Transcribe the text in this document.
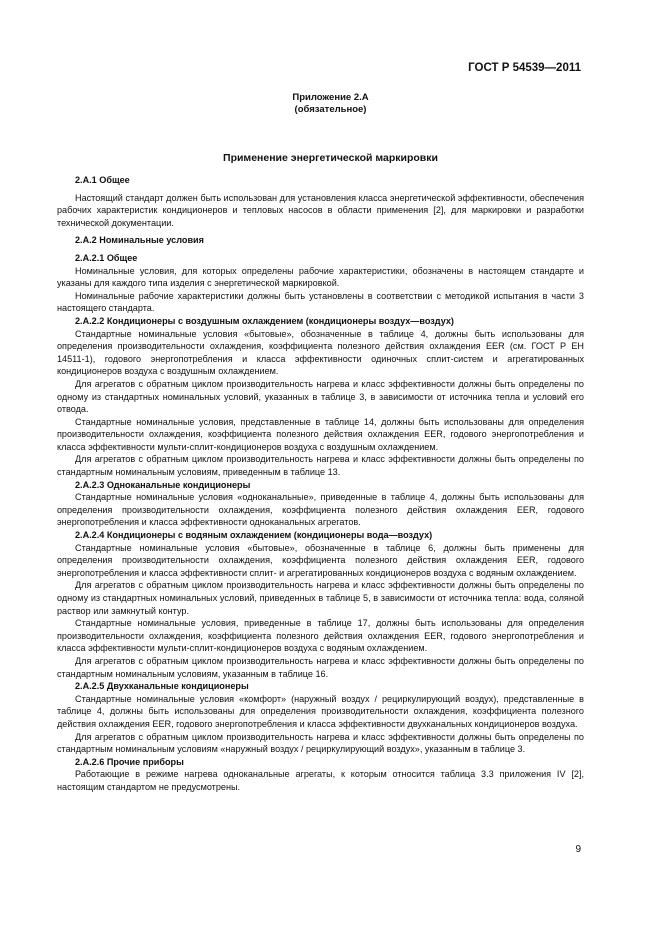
ГОСТ Р 54539—2011
Приложение 2.А
(обязательное)
Применение энергетической маркировки
2.А.1 Общее

Настоящий стандарт должен быть использован для установления класса энергетической эффективности, обеспечения рабочих характеристик кондиционеров и тепловых насосов в области применения [2], для маркировки и разработки технической документации.

2.А.2 Номинальные условия
2.А.2.1 Общее

Номинальные условия, для которых определены рабочие характеристики, обозначены в настоящем стандарте и указаны для каждого типа изделия с энергетической маркировкой.

Номинальные рабочие характеристики должны быть установлены в соответствии с методикой испытания в части 3 настоящего стандарта.

2.А.2.2 Кондиционеры с воздушным охлаждением (кондиционеры воздух—воздух)

Стандартные номинальные условия «бытовые», обозначенные в таблице 4, должны быть использованы для определения производительности охлаждения, коэффициента полезного действия охлаждения EER (см. ГОСТ Р ЕН 14511-1), годового энергопотребления и класса эффективности одиночных сплит-систем и агрегатированных кондиционеров воздуха с воздушным охлаждением.

Для агрегатов с обратным циклом производительность нагрева и класс эффективности должны быть определены по одному из стандартных номинальных условий, указанных в таблице 3, в зависимости от источника тепла и условий его отвода.

Стандартные номинальные условия, представленные в таблице 14, должны быть использованы для определения производительности охлаждения, коэффициента полезного действия охлаждения EER, годового энергопотребления и класса эффективности мульти-сплит-кондиционеров воздуха с воздушным охлаждением.

Для агрегатов с обратным циклом производительность нагрева и класс эффективности должны быть определены по стандартным номинальным условиям, приведенным в таблице 13.

2.А.2.3 Одноканальные кондиционеры

Стандартные номинальные условия «одноканальные», приведенные в таблице 4, должны быть использованы для определения производительности охлаждения, коэффициента полезного действия охлаждения EER, годового энергопотребления и класса эффективности одноканальных агрегатов.

2.А.2.4 Кондиционеры с водяным охлаждением (кондиционеры вода—воздух)

Стандартные номинальные условия «бытовые», обозначенные в таблице 6, должны быть применены для определения производительности охлаждения, коэффициента полезного действия охлаждения EER, годового энергопотребления и класса эффективности сплит- и агрегатированных кондиционеров воздуха с водяным охлаждением.

Для агрегатов с обратным циклом производительность нагрева и класс эффективности должны быть определены по одному из стандартных номинальных условий, приведенных в таблице 5, в зависимости от источника тепла: вода, соляной раствор или замкнутый контур.

Стандартные номинальные условия, приведенные в таблице 17, должны быть использованы для определения производительности охлаждения, коэффициента полезного действия охлаждения EER, годового энергопотребления и класса эффективности мульти-сплит-кондиционеров воздуха с водяным охлаждением.

Для агрегатов с обратным циклом производительность нагрева и класс эффективности должны быть определены по стандартным номинальным условиям, указанным в таблице 16.

2.А.2.5 Двухканальные кондиционеры

Стандартные номинальные условия «комфорт» (наружный воздух / рециркулирующий воздух), представленные в таблице 4, должны быть использованы для определения производительности охлаждения, коэффициента полезного действия охлаждения EER, годового энергопотребления и класса эффективности двухканальных кондиционеров воздуха.

Для агрегатов с обратным циклом производительность нагрева и класс эффективности должны быть определены по стандартным номинальным условиям «наружный воздух / рециркулирующий воздух», указанным в таблице 3.

2.А.2.6 Прочие приборы

Работающие в режиме нагрева одноканальные агрегаты, к которым относится таблица 3.3 приложения IV [2], настоящим стандартом не предусмотрены.

9
